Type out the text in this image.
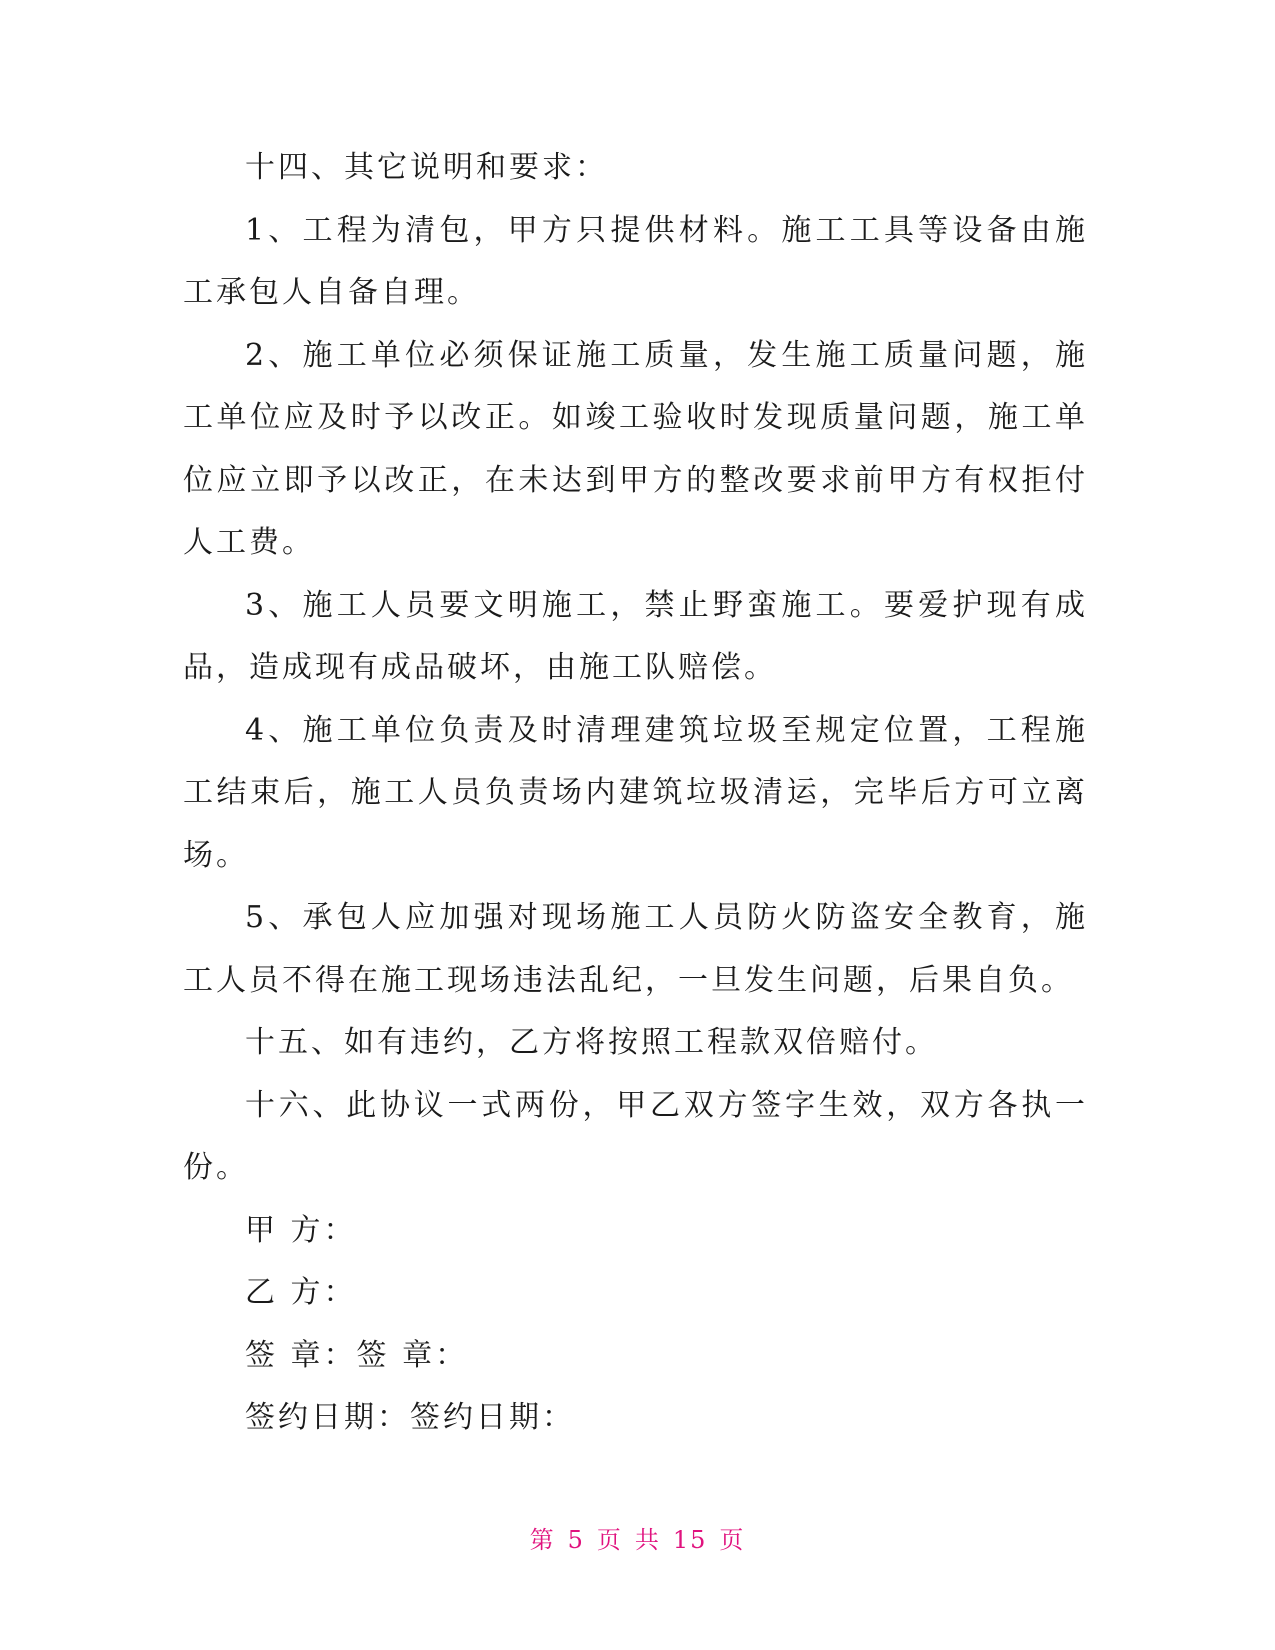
十四、其它说明和要求：

1、工程为清包，甲方只提供材料。施工工具等设备由施工承包人自备自理。

2、施工单位必须保证施工质量，发生施工质量问题，施工单位应及时予以改正。如竣工验收时发现质量问题，施工单位应立即予以改正，在未达到甲方的整改要求前甲方有权拒付人工费。

3、施工人员要文明施工，禁止野蛮施工。要爱护现有成品，造成现有成品破坏，由施工队赔偿。

4、施工单位负责及时清理建筑垃圾至规定位置，工程施工结束后，施工人员负责场内建筑垃圾清运，完毕后方可立离场。

5、承包人应加强对现场施工人员防火防盗安全教育，施工人员不得在施工现场违法乱纪，一旦发生问题，后果自负。

十五、如有违约，乙方将按照工程款双倍赔付。

十六、此协议一式两份，甲乙双方签字生效，双方各执一份。

甲 方：

乙 方：

签 章：签 章：

签约日期：签约日期：

第 5 页 共 15 页
